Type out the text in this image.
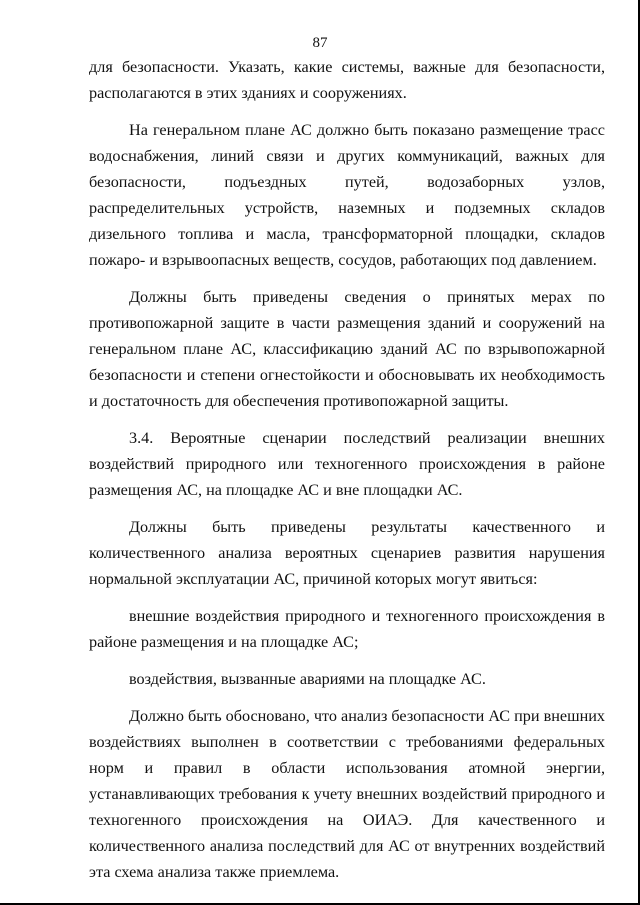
87

для безопасности. Указать, какие системы, важные для безопасности, располагаются в этих зданиях и сооружениях.

На генеральном плане АС должно быть показано размещение трасс водоснабжения, линий связи и других коммуникаций, важных для безопасности, подъездных путей, водозаборных узлов, распределительных устройств, наземных и подземных складов дизельного топлива и масла, трансформаторной площадки, складов пожаро- и взрывоопасных веществ, сосудов, работающих под давлением.

Должны быть приведены сведения о принятых мерах по противопожарной защите в части размещения зданий и сооружений на генеральном плане АС, классификацию зданий АС по взрывопожарной безопасности и степени огнестойкости и обосновывать их необходимость и достаточность для обеспечения противопожарной защиты.

3.4. Вероятные сценарии последствий реализации внешних воздействий природного или техногенного происхождения в районе размещения АС, на площадке АС и вне площадки АС.

Должны быть приведены результаты качественного и количественного анализа вероятных сценариев развития нарушения нормальной эксплуатации АС, причиной которых могут явиться:

внешние воздействия природного и техногенного происхождения в районе размещения и на площадке АС;

воздействия, вызванные авариями на площадке АС.

Должно быть обосновано, что анализ безопасности АС при внешних воздействиях выполнен в соответствии с требованиями федеральных норм и правил в области использования атомной энергии, устанавливающих требования к учету внешних воздействий природного и техногенного происхождения на ОИАЭ. Для качественного и количественного анализа последствий для АС от внутренних воздействий эта схема анализа также приемлема.
